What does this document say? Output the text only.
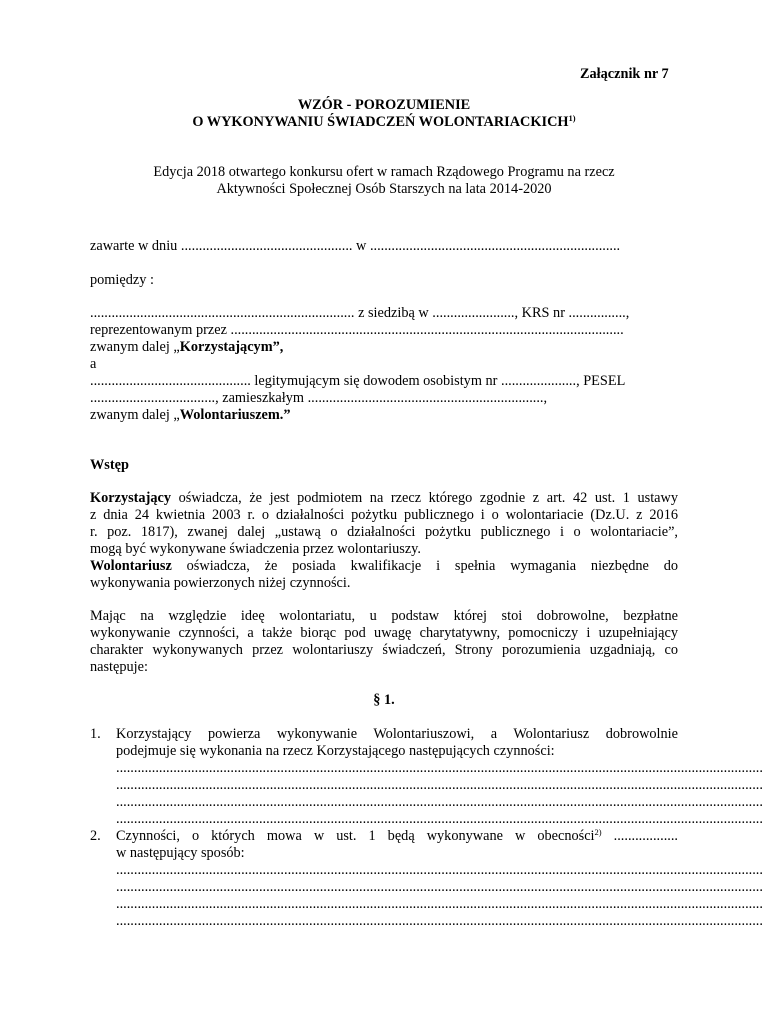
Załącznik nr 7
WZÓR - POROZUMIENIE
O WYKONYWANIU ŚWIADCZEŃ WOLONTARIACKICH$^{1)}$
Edycja 2018 otwartego konkursu ofert w ramach Rządowego Programu na rzecz
Aktywności Społecznej Osób Starszych na lata 2014-2020
zawarte w dniu ................................................ w ......................................................................
pomiędzy :
.......................................................................... z siedzibą w ......................., KRS nr ................,
reprezentowanym przez ..............................................................................................................
zwanym dalej „Korzystającym”,
a
............................................. legitymującym się dowodem osobistym nr ....................., PESEL
..................................., zamieszkałym ..................................................................,
zwanym dalej „Wolontariuszem.”
Wstęp
Korzystający oświadcza, że jest podmiotem na rzecz którego zgodnie z art. 42 ust. 1 ustawy
z dnia 24 kwietnia 2003 r. o działalności pożytku publicznego i o wolontariacie (Dz.U. z 2016
r. poz. 1817), zwanej dalej „ustawą o działalności pożytku publicznego i o wolontariacie”,
mogą być wykonywane świadczenia przez wolontariuszy.
Wolontariusz oświadcza, że posiada kwalifikacje i spełnia wymagania niezbędne do
wykonywania powierzonych niżej czynności.
Mając na względzie ideę wolontariatu, u podstaw której stoi dobrowolne, bezpłatne
wykonywanie czynności, a także biorąc pod uwagę charytatywny, pomocniczy i uzupełniający
charakter wykonywanych przez wolontariuszy świadczeń, Strony porozumienia uzgadniają, co
następuje:
§ 1.
1. Korzystający powierza wykonywanie Wolontariuszowi, a Wolontariusz dobrowolnie
podejmuje się wykonania na rzecz Korzystającego następujących czynności:
.....................................................................................................................................................................................
.....................................................................................................................................................................................
.....................................................................................................................................................................................
.....................................................................................................................................................................................
2. Czynności, o których mowa w ust. 1 będą wykonywane w obecności$^{2)}$ ..................
w następujący sposób:
.....................................................................................................................................................................................
.....................................................................................................................................................................................
.....................................................................................................................................................................................
.....................................................................................................................................................................................
